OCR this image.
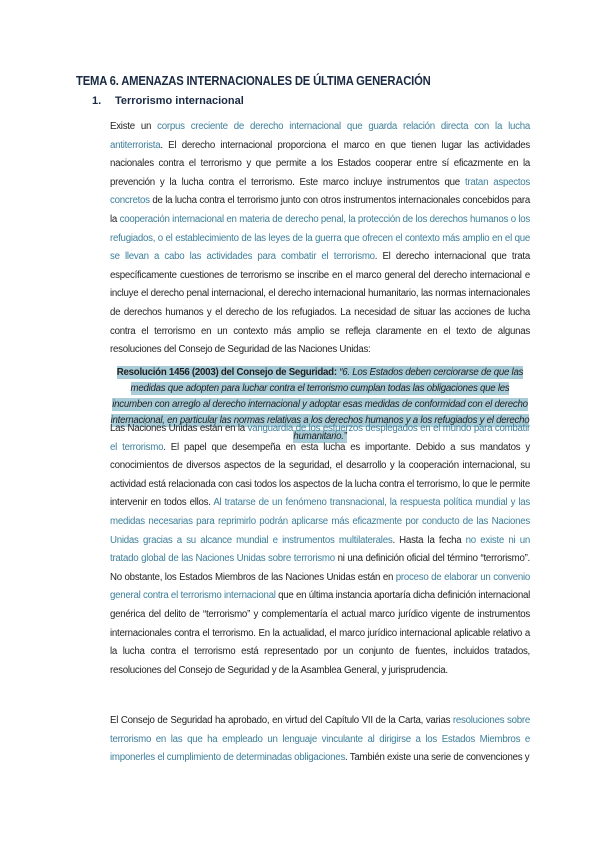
TEMA 6. AMENAZAS INTERNACIONALES DE ÚLTIMA GENERACIÓN
1. Terrorismo internacional

Existe un corpus creciente de derecho internacional que guarda relación directa con la lucha antiterrorista. El derecho internacional proporciona el marco en que tienen lugar las actividades nacionales contra el terrorismo y que permite a los Estados cooperar entre sí eficazmente en la prevención y la lucha contra el terrorismo. Este marco incluye instrumentos que tratan aspectos concretos de la lucha contra el terrorismo junto con otros instrumentos internacionales concebidos para la cooperación internacional en materia de derecho penal, la protección de los derechos humanos o los refugiados, o el establecimiento de las leyes de la guerra que ofrecen el contexto más amplio en el que se llevan a cabo las actividades para combatir el terrorismo. El derecho internacional que trata específicamente cuestiones de terrorismo se inscribe en el marco general del derecho internacional e incluye el derecho penal internacional, el derecho internacional humanitario, las normas internacionales de derechos humanos y el derecho de los refugiados. La necesidad de situar las acciones de lucha contra el terrorismo en un contexto más amplio se refleja claramente en el texto de algunas resoluciones del Consejo de Seguridad de las Naciones Unidas:

Resolución 1456 (2003) del Consejo de Seguridad: “6. Los Estados deben cerciorarse de que las medidas que adopten para luchar contra el terrorismo cumplan todas las obligaciones que les incumben con arreglo al derecho internacional y adoptar esas medidas de conformidad con el derecho internacional, en particular las normas relativas a los derechos humanos y a los refugiados y el derecho humanitario.”

Las Naciones Unidas están en la vanguardia de los esfuerzos desplegados en el mundo para combatir el terrorismo. El papel que desempeña en esta lucha es importante. Debido a sus mandatos y conocimientos de diversos aspectos de la seguridad, el desarrollo y la cooperación internacional, su actividad está relacionada con casi todos los aspectos de la lucha contra el terrorismo, lo que le permite intervenir en todos ellos. Al tratarse de un fenómeno transnacional, la respuesta política mundial y las medidas necesarias para reprimirlo podrán aplicarse más eficazmente por conducto de las Naciones Unidas gracias a su alcance mundial e instrumentos multilaterales. Hasta la fecha no existe ni un tratado global de las Naciones Unidas sobre terrorismo ni una definición oficial del término “terrorismo”. No obstante, los Estados Miembros de las Naciones Unidas están en proceso de elaborar un convenio general contra el terrorismo internacional que en última instancia aportaría dicha definición internacional genérica del delito de “terrorismo” y complementaría el actual marco jurídico vigente de instrumentos internacionales contra el terrorismo. En la actualidad, el marco jurídico internacional aplicable relativo a la lucha contra el terrorismo está representado por un conjunto de fuentes, incluidos tratados, resoluciones del Consejo de Seguridad y de la Asamblea General, y jurisprudencia.

El Consejo de Seguridad ha aprobado, en virtud del Capítulo VII de la Carta, varias resoluciones sobre terrorismo en las que ha empleado un lenguaje vinculante al dirigirse a los Estados Miembros e imponerles el cumplimiento de determinadas obligaciones. También existe una serie de convenciones y
